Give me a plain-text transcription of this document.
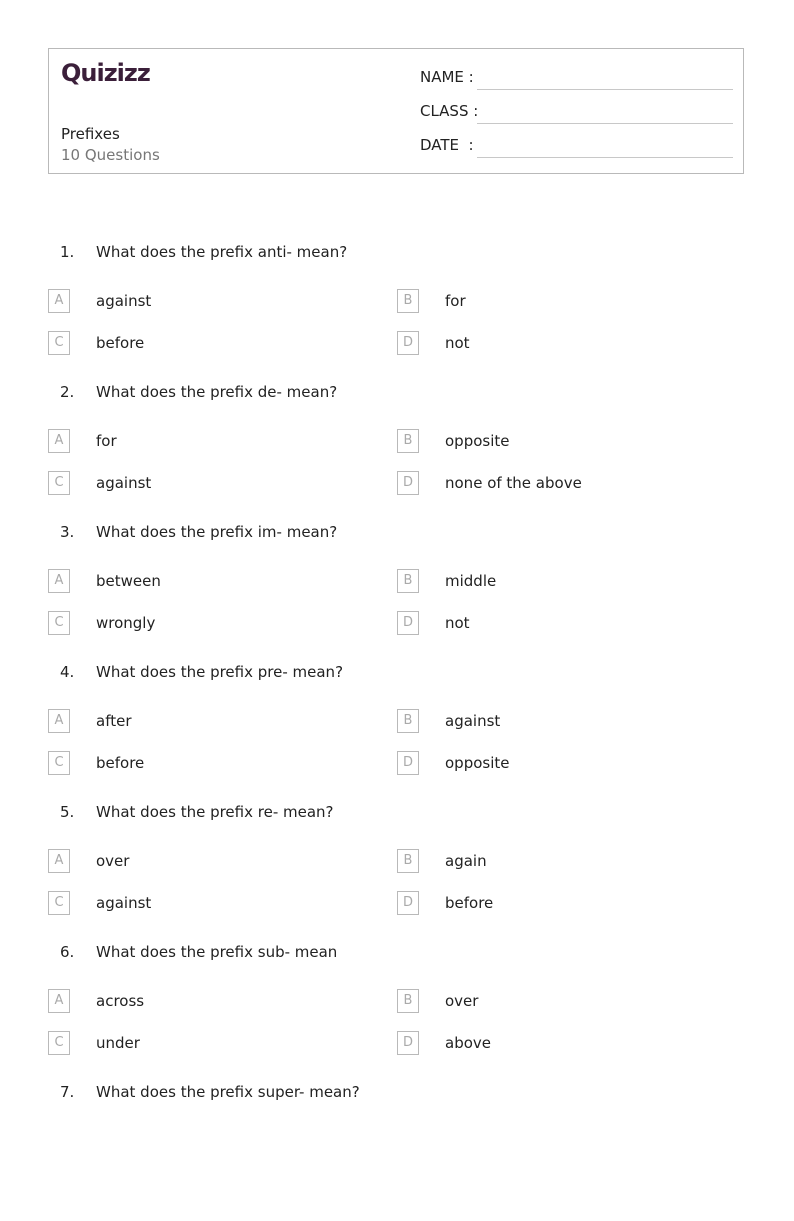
Quizizz
Prefixes
10 Questions
NAME :
CLASS :
DATE  :
1. What does the prefix anti- mean?
A	against	B	for
C	before	D	not
2. What does the prefix de- mean?
A	for	B	opposite
C	against	D	none of the above
3. What does the prefix im- mean?
A	between	B	middle
C	wrongly	D	not
4. What does the prefix pre- mean?
A	after	B	against
C	before	D	opposite
5. What does the prefix re- mean?
A	over	B	again
C	against	D	before
6. What does the prefix sub- mean
A	across	B	over
C	under	D	above
7. What does the prefix super- mean?
